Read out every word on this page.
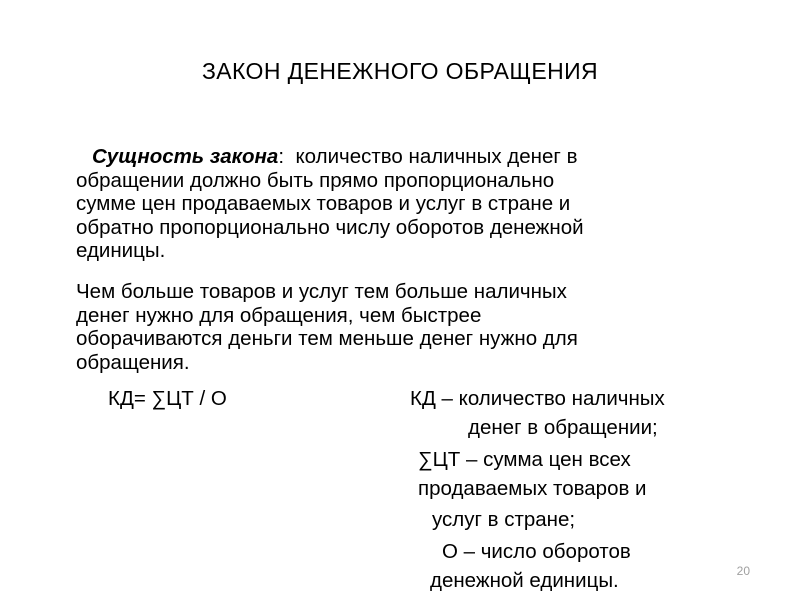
ЗАКОН ДЕНЕЖНОГО ОБРАЩЕНИЯ
Сущность закона: количество наличных денег в
обращении должно быть прямо пропорционально
сумме цен продаваемых товаров и услуг в стране и
обратно пропорционально числу оборотов денежной
единицы.
Чем больше товаров и услуг тем больше наличных
денег нужно для обращения, чем быстрее
оборачиваются деньги тем меньше денег нужно для
обращения.
КД= ∑ЦТ / О	КД – количество наличных
денег в обращении;
∑ЦТ – сумма цен всех
продаваемых товаров и
услуг в стране;
О – число оборотов
денежной единицы.	20
